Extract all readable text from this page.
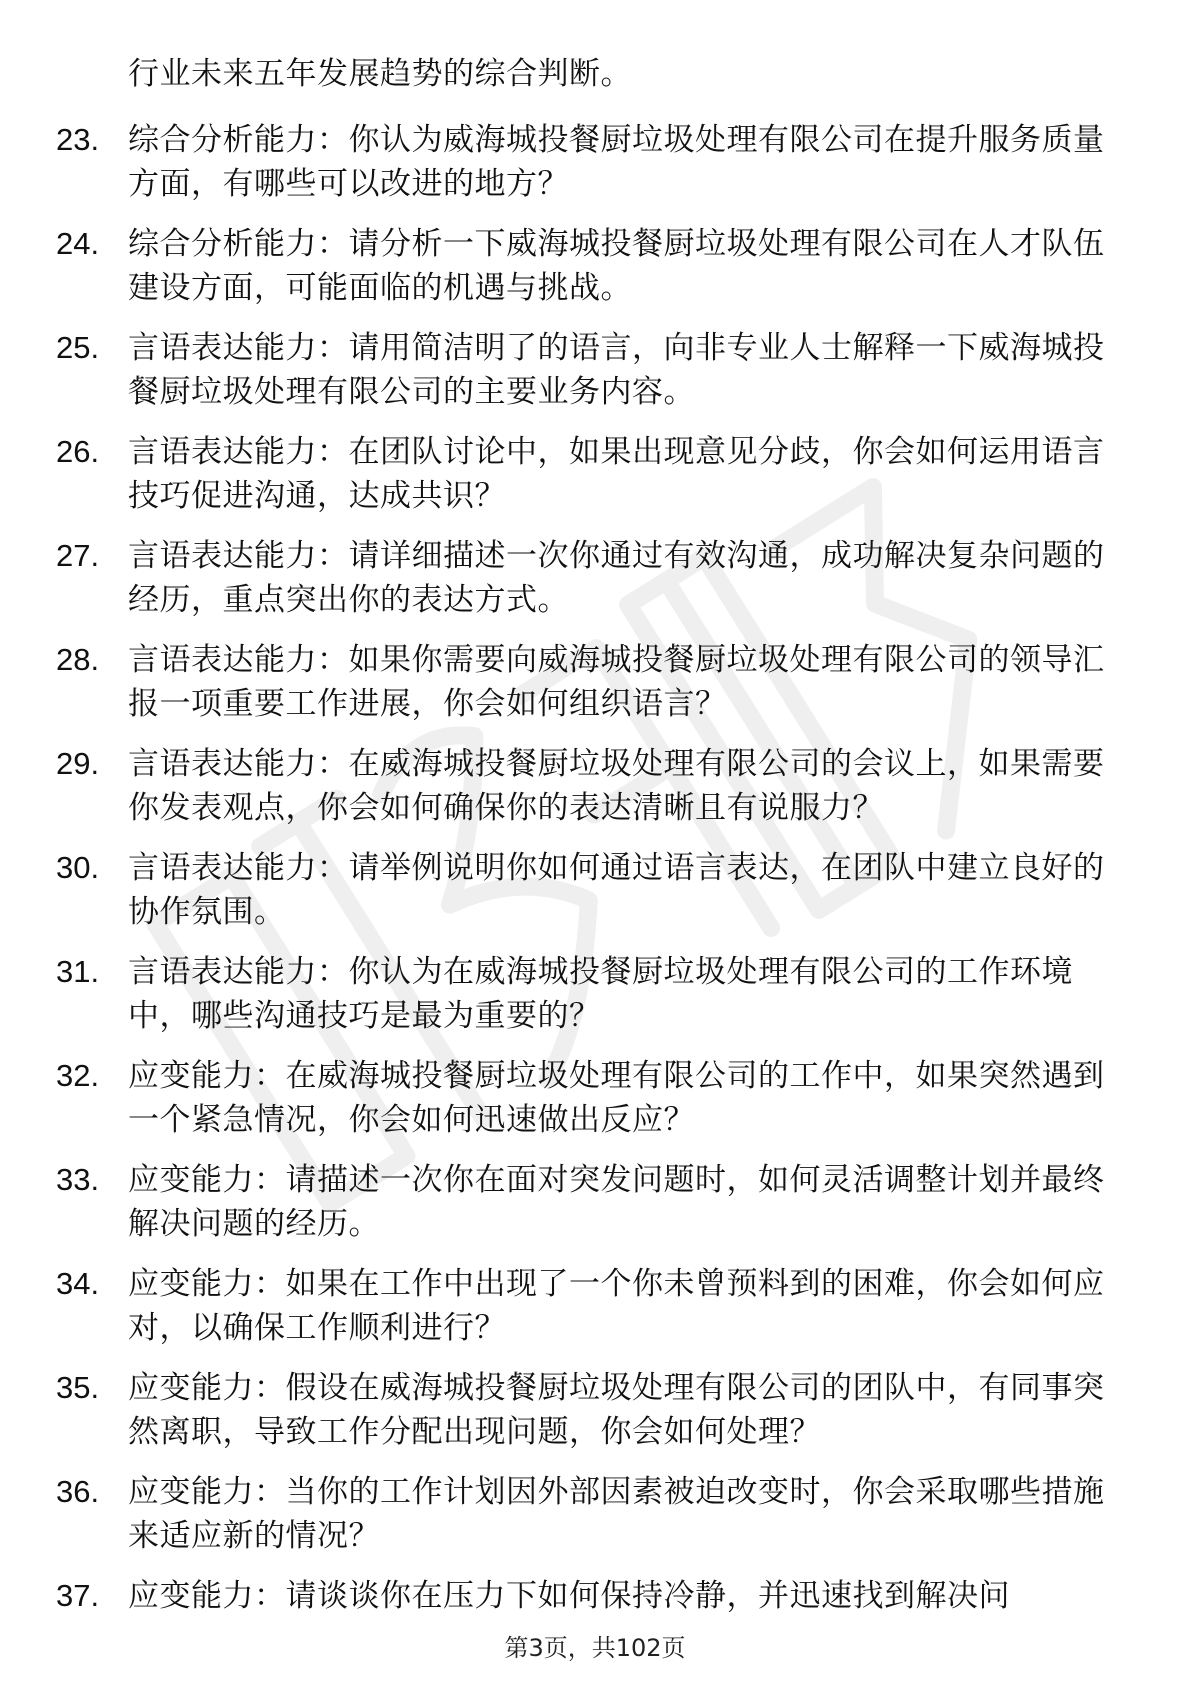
行业未来五年发展趋势的综合判断。
23. 综合分析能力：你认为威海城投餐厨垃圾处理有限公司在提升服务质量方面，有哪些可以改进的地方？
24. 综合分析能力：请分析一下威海城投餐厨垃圾处理有限公司在人才队伍建设方面，可能面临的机遇与挑战。
25. 言语表达能力：请用简洁明了的语言，向非专业人士解释一下威海城投餐厨垃圾处理有限公司的主要业务内容。
26. 言语表达能力：在团队讨论中，如果出现意见分歧，你会如何运用语言技巧促进沟通，达成共识？
27. 言语表达能力：请详细描述一次你通过有效沟通，成功解决复杂问题的经历，重点突出你的表达方式。
28. 言语表达能力：如果你需要向威海城投餐厨垃圾处理有限公司的领导汇报一项重要工作进展，你会如何组织语言？
29. 言语表达能力：在威海城投餐厨垃圾处理有限公司的会议上，如果需要你发表观点，你会如何确保你的表达清晰且有说服力？
30. 言语表达能力：请举例说明你如何通过语言表达，在团队中建立良好的协作氛围。
31. 言语表达能力：你认为在威海城投餐厨垃圾处理有限公司的工作环境中，哪些沟通技巧是最为重要的？
32. 应变能力：在威海城投餐厨垃圾处理有限公司的工作中，如果突然遇到一个紧急情况，你会如何迅速做出反应？
33. 应变能力：请描述一次你在面对突发问题时，如何灵活调整计划并最终解决问题的经历。
34. 应变能力：如果在工作中出现了一个你未曾预料到的困难，你会如何应对，以确保工作顺利进行？
35. 应变能力：假设在威海城投餐厨垃圾处理有限公司的团队中，有同事突然离职，导致工作分配出现问题，你会如何处理？
36. 应变能力：当你的工作计划因外部因素被迫改变时，你会采取哪些措施来适应新的情况？
37. 应变能力：请谈谈你在压力下如何保持冷静，并迅速找到解决问
第3页，共102页
